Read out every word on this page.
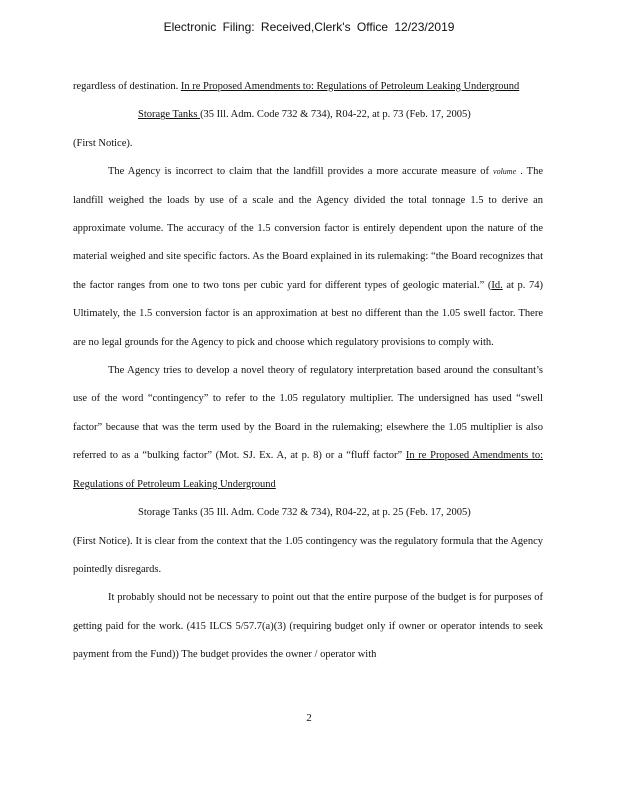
Electronic Filing: Received,Clerk's Office 12/23/2019

regardless of destination. In re Proposed Amendments to: Regulations of Petroleum Leaking Underground

Storage Tanks (35 Ill. Adm. Code 732 & 734), R04-22, at p. 73 (Feb. 17, 2005)

(First Notice).

The Agency is incorrect to claim that the landfill provides a more accurate measure of volume . The landfill weighed the loads by use of a scale and the Agency divided the total tonnage 1.5 to derive an approximate volume. The accuracy of the 1.5 conversion factor is entirely dependent upon the nature of the material weighed and site specific factors. As the Board explained in its rulemaking: “the Board recognizes that the factor ranges from one to two tons per cubic yard for different types of geologic material.” (Id. at p. 74) Ultimately, the 1.5 conversion factor is an approximation at best no different than the 1.05 swell factor. There are no legal grounds for the Agency to pick and choose which regulatory provisions to comply with.

The Agency tries to develop a novel theory of regulatory interpretation based around the consultant’s use of the word “contingency” to refer to the 1.05 regulatory multiplier. The undersigned has used “swell factor” because that was the term used by the Board in the rulemaking; elsewhere the 1.05 multiplier is also referred to as a “bulking factor” (Mot. SJ. Ex. A, at p. 8) or a “fluff factor” In re Proposed Amendments to: Regulations of Petroleum Leaking Underground

Storage Tanks (35 Ill. Adm. Code 732 & 734), R04-22, at p. 25 (Feb. 17, 2005)

(First Notice). It is clear from the context that the 1.05 contingency was the regulatory formula that the Agency pointedly disregards.

It probably should not be necessary to point out that the entire purpose of the budget is for purposes of getting paid for the work. (415 ILCS 5/57.7(a)(3) (requiring budget only if owner or operator intends to seek payment from the Fund)) The budget provides the owner / operator with

2
